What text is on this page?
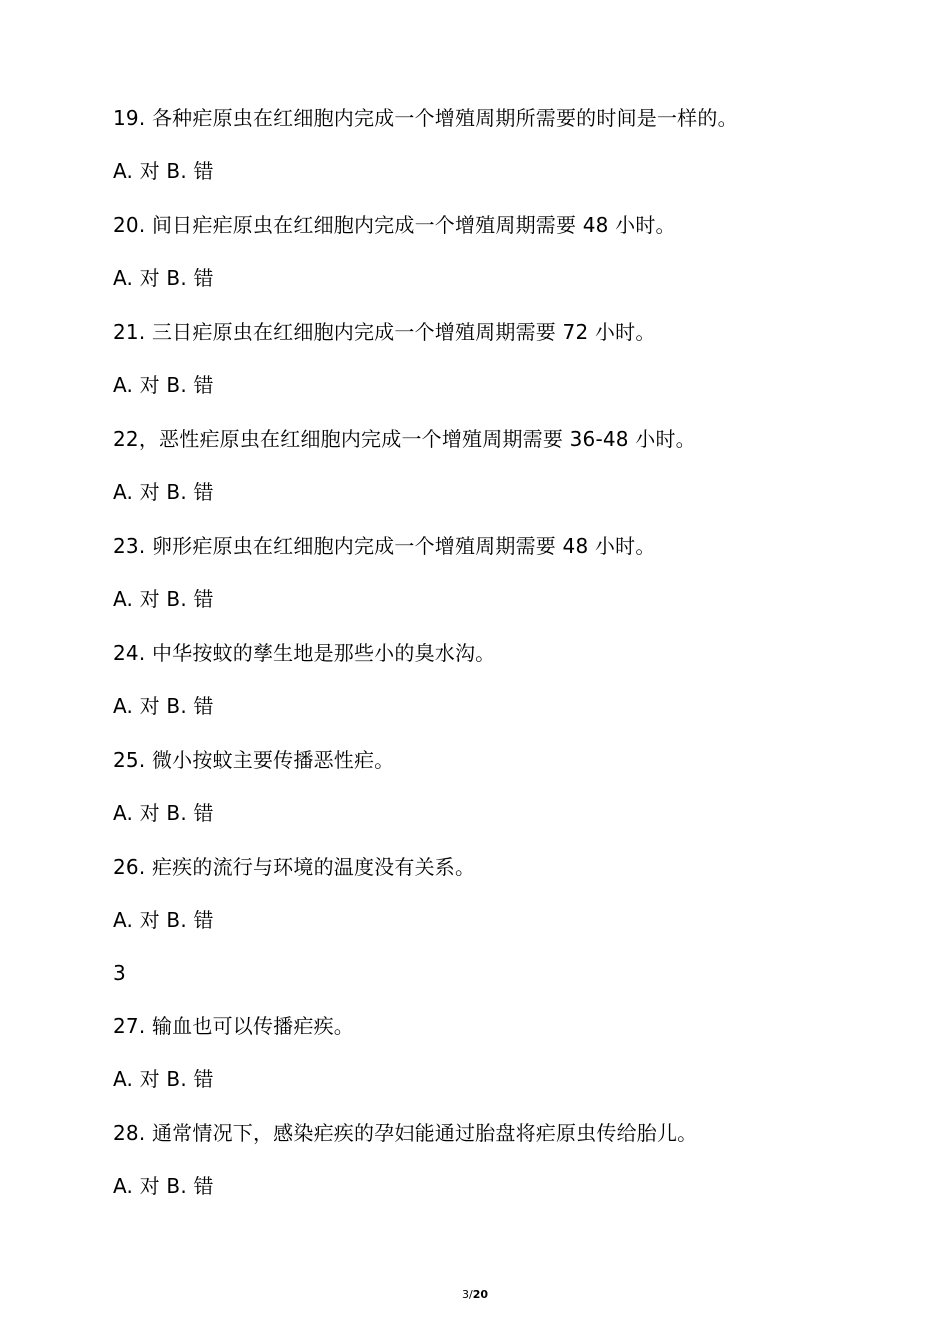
19. 各种疟原虫在红细胞内完成一个增殖周期所需要的时间是一样的。
A. 对 B. 错
20. 间日疟疟原虫在红细胞内完成一个增殖周期需要 48 小时。
A. 对 B. 错
21. 三日疟原虫在红细胞内完成一个增殖周期需要 72 小时。
A. 对 B. 错
22，恶性疟原虫在红细胞内完成一个增殖周期需要 36-48 小时。
A. 对 B. 错
23. 卵形疟原虫在红细胞内完成一个增殖周期需要 48 小时。
A. 对 B. 错
24. 中华按蚊的孳生地是那些小的臭水沟。
A. 对 B. 错
25. 微小按蚊主要传播恶性疟。
A. 对 B. 错
26. 疟疾的流行与环境的温度没有关系。
A. 对 B. 错
3
27. 输血也可以传播疟疾。
A. 对 B. 错
28. 通常情况下，感染疟疾的孕妇能通过胎盘将疟原虫传给胎儿。
A. 对 B. 错
3/20
